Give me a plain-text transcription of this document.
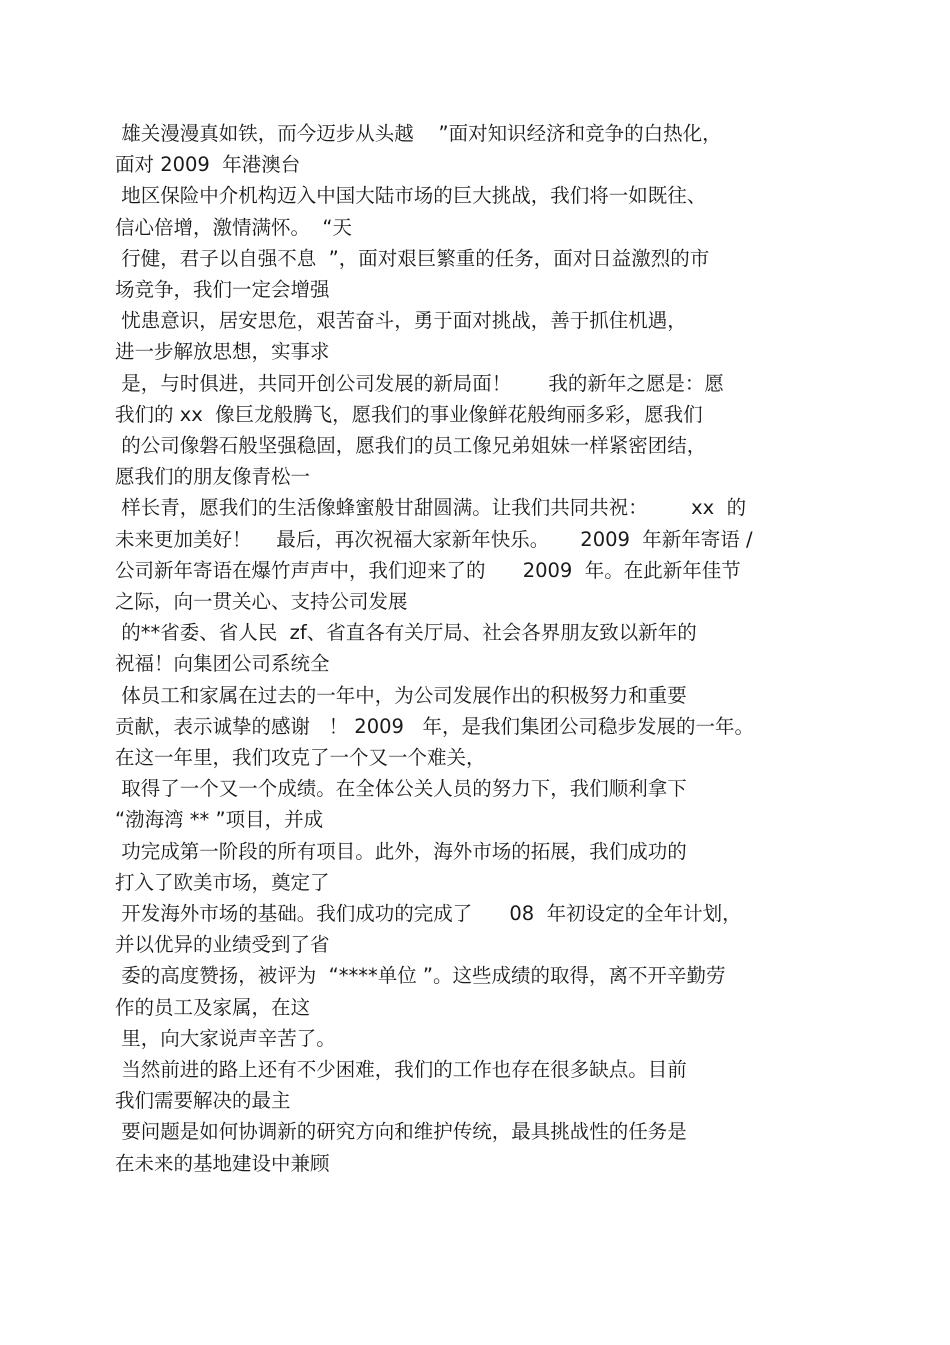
雄关漫漫真如铁，而今迈步从头越    ”面对知识经济和竞争的白热化，

面对 2009  年港澳台

地区保险中介机构迈入中国大陆市场的巨大挑战，我们将一如既往、

信心倍增，激情满怀。  “天

行健，君子以自强不息  ”，面对艰巨繁重的任务，面对日益激烈的市

场竞争，我们一定会增强

忧患意识，居安思危，艰苦奋斗，勇于面对挑战，善于抓住机遇，

进一步解放思想，实事求

是，与时俱进，共同开创公司发展的新局面！      我的新年之愿是：愿

我们的 xx  像巨龙般腾飞，愿我们的事业像鲜花般绚丽多彩，愿我们

的公司像磐石般坚强稳固，愿我们的员工像兄弟姐妹一样紧密团结，

愿我们的朋友像青松一

样长青，愿我们的生活像蜂蜜般甘甜圆满。让我们共同共祝：       xx  的

未来更加美好！    最后，再次祝福大家新年快乐。     2009  年新年寄语 /

公司新年寄语在爆竹声声中，我们迎来了的      2009  年。在此新年佳节

之际，向一贯关心、支持公司发展

的**省委、省人民  zf、省直各有关厅局、社会各界朋友致以新年的

祝福！向集团公司系统全

体员工和家属在过去的一年中，为公司发展作出的积极努力和重要

贡献，表示诚挚的感谢   ！ 2009   年，是我们集团公司稳步发展的一年。

在这一年里，我们攻克了一个又一个难关，

取得了一个又一个成绩。在全体公关人员的努力下，我们顺利拿下

“渤海湾 ** ”项目，并成

功完成第一阶段的所有项目。此外，海外市场的拓展，我们成功的

打入了欧美市场，奠定了

开发海外市场的基础。我们成功的完成了      08  年初设定的全年计划，

并以优异的业绩受到了省

委的高度赞扬，被评为  “****单位 ”。这些成绩的取得，离不开辛勤劳

作的员工及家属，在这

里，向大家说声辛苦了。

当然前进的路上还有不少困难，我们的工作也存在很多缺点。目前

我们需要解决的最主

要问题是如何协调新的研究方向和维护传统，最具挑战性的任务是

在未来的基地建设中兼顾
